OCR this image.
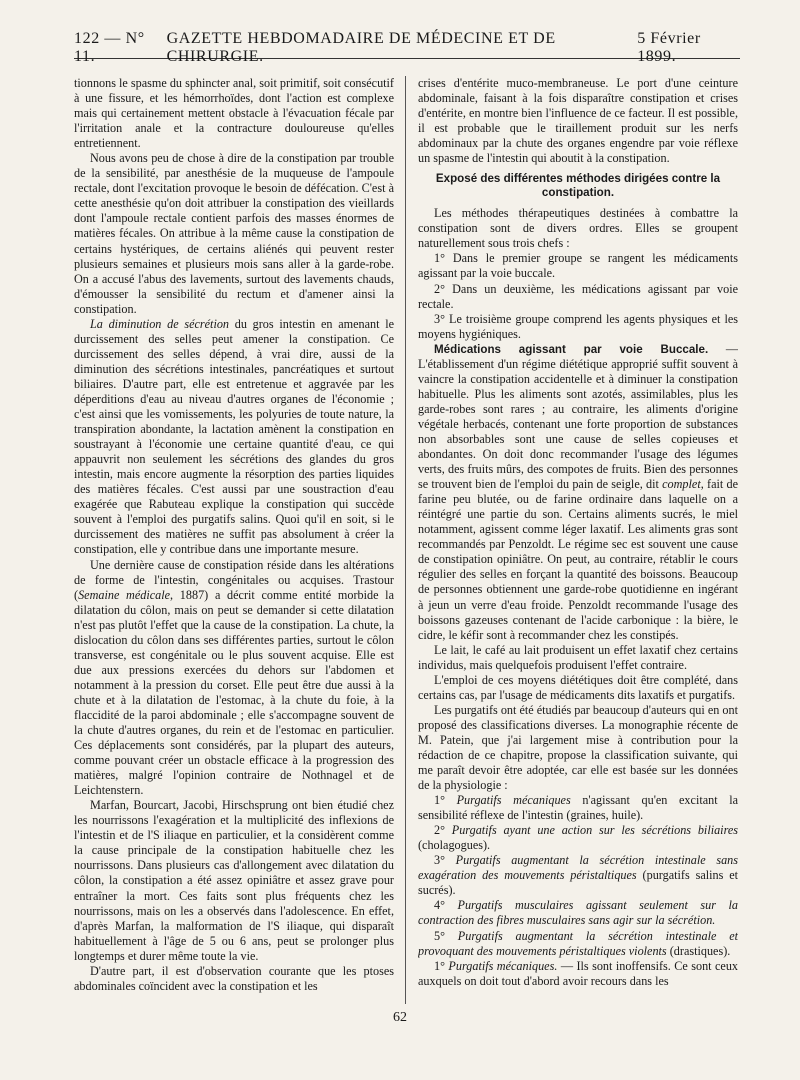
122 — N° 11.
GAZETTE HEBDOMADAIRE DE MÉDECINE ET DE CHIRURGIE.
5 Février 1899.

tionnons le spasme du sphincter anal, soit primitif, soit consécutif à une fissure, et les hémorrhoïdes, dont l'action est complexe mais qui certainement mettent obstacle à l'évacuation fécale par l'irritation anale et la contracture douloureuse qu'elles entretiennent.

Nous avons peu de chose à dire de la constipation par trouble de la sensibilité, par anesthésie de la muqueuse de l'ampoule rectale, dont l'excitation provoque le besoin de défécation. C'est à cette anesthésie qu'on doit attribuer la constipation des vieillards dont l'ampoule rectale contient parfois des masses énormes de matières fécales. On attribue à la même cause la constipation de certains hystériques, de certains aliénés qui peuvent rester plusieurs semaines et plusieurs mois sans aller à la garde-robe. On a accusé l'abus des lavements, surtout des lavements chauds, d'émousser la sensibilité du rectum et d'amener ainsi la constipation.

La diminution de sécrétion du gros intestin en amenant le durcissement des selles peut amener la constipation. Ce durcissement des selles dépend, à vrai dire, aussi de la diminution des sécrétions intestinales, pancréatiques et surtout biliaires. D'autre part, elle est entretenue et aggravée par les déperditions d'eau au niveau d'autres organes de l'économie ; c'est ainsi que les vomissements, les polyuries de toute nature, la transpiration abondante, la lactation amènent la constipation en soustrayant à l'économie une certaine quantité d'eau, ce qui appauvrit non seulement les sécrétions des glandes du gros intestin, mais encore augmente la résorption des parties liquides des matières fécales. C'est aussi par une soustraction d'eau exagérée que Rabuteau explique la constipation qui succède souvent à l'emploi des purgatifs salins. Quoi qu'il en soit, si le durcissement des matières ne suffit pas absolument à créer la constipation, elle y contribue dans une importante mesure.

Une dernière cause de constipation réside dans les altérations de forme de l'intestin, congénitales ou acquises. Trastour (Semaine médicale, 1887) a décrit comme entité morbide la dilatation du côlon, mais on peut se demander si cette dilatation n'est pas plutôt l'effet que la cause de la constipation. La chute, la dislocation du côlon dans ses différentes parties, surtout le côlon transverse, est congénitale ou le plus souvent acquise. Elle est due aux pressions exercées du dehors sur l'abdomen et notamment à la pression du corset. Elle peut être due aussi à la chute et à la dilatation de l'estomac, à la chute du foie, à la flaccidité de la paroi abdominale ; elle s'accompagne souvent de la chute d'autres organes, du rein et de l'estomac en particulier. Ces déplacements sont considérés, par la plupart des auteurs, comme pouvant créer un obstacle efficace à la progression des matières, malgré l'opinion contraire de Nothnagel et de Leichtenstern.

Marfan, Bourcart, Jacobi, Hirschsprung ont bien étudié chez les nourrissons l'exagération et la multiplicité des inflexions de l'intestin et de l'S iliaque en particulier, et la considèrent comme la cause principale de la constipation habituelle chez les nourrissons. Dans plusieurs cas d'allongement avec dilatation du côlon, la constipation a été assez opiniâtre et assez grave pour entraîner la mort. Ces faits sont plus fréquents chez les nourrissons, mais on les a observés dans l'adolescence. En effet, d'après Marfan, la malformation de l'S iliaque, qui disparaît habituellement à l'âge de 5 ou 6 ans, peut se prolonger plus longtemps et durer même toute la vie.

D'autre part, il est d'observation courante que les ptoses abdominales coïncident avec la constipation et les

crises d'entérite muco-membraneuse. Le port d'une ceinture abdominale, faisant à la fois disparaître constipation et crises d'entérite, en montre bien l'influence de ce facteur. Il est possible, il est probable que le tiraillement produit sur les nerfs abdominaux par la chute des organes engendre par voie réflexe un spasme de l'intestin qui aboutit à la constipation.

Exposé des différentes méthodes dirigées contre la constipation.

Les méthodes thérapeutiques destinées à combattre la constipation sont de divers ordres. Elles se groupent naturellement sous trois chefs :

1° Dans le premier groupe se rangent les médicaments agissant par la voie buccale.

2° Dans un deuxième, les médications agissant par voie rectale.

3° Le troisième groupe comprend les agents physiques et les moyens hygiéniques.

Médications agissant par voie Buccale. — L'établissement d'un régime diététique approprié suffit souvent à vaincre la constipation accidentelle et à diminuer la constipation habituelle. Plus les aliments sont azotés, assimilables, plus les garde-robes sont rares ; au contraire, les aliments d'origine végétale herbacés, contenant une forte proportion de substances non absorbables sont une cause de selles copieuses et abondantes. On doit donc recommander l'usage des légumes verts, des fruits mûrs, des compotes de fruits. Bien des personnes se trouvent bien de l'emploi du pain de seigle, dit complet, fait de farine peu blutée, ou de farine ordinaire dans laquelle on a réintégré une partie du son. Certains aliments sucrés, le miel notamment, agissent comme léger laxatif. Les aliments gras sont recommandés par Penzoldt. Le régime sec est souvent une cause de constipation opiniâtre. On peut, au contraire, rétablir le cours régulier des selles en forçant la quantité des boissons. Beaucoup de personnes obtiennent une garde-robe quotidienne en ingérant à jeun un verre d'eau froide. Penzoldt recommande l'usage des boissons gazeuses contenant de l'acide carbonique : la bière, le cidre, le kéfir sont à recommander chez les constipés.

Le lait, le café au lait produisent un effet laxatif chez certains individus, mais quelquefois produisent l'effet contraire.

L'emploi de ces moyens diététiques doit être complété, dans certains cas, par l'usage de médicaments dits laxatifs et purgatifs.

Les purgatifs ont été étudiés par beaucoup d'auteurs qui en ont proposé des classifications diverses. La monographie récente de M. Patein, que j'ai largement mise à contribution pour la rédaction de ce chapitre, propose la classification suivante, qui me paraît devoir être adoptée, car elle est basée sur les données de la physiologie :

1° Purgatifs mécaniques n'agissant qu'en excitant la sensibilité réflexe de l'intestin (graines, huile).

2° Purgatifs ayant une action sur les sécrétions biliaires (cholagogues).

3° Purgatifs augmentant la sécrétion intestinale sans exagération des mouvements péristaltiques (purgatifs salins et sucrés).

4° Purgatifs musculaires agissant seulement sur la contraction des fibres musculaires sans agir sur la sécrétion.

5° Purgatifs augmentant la sécrétion intestinale et provoquant des mouvements péristaltiques violents (drastiques).

1° Purgatifs mécaniques. — Ils sont inoffensifs. Ce sont ceux auxquels on doit tout d'abord avoir recours dans les

62
